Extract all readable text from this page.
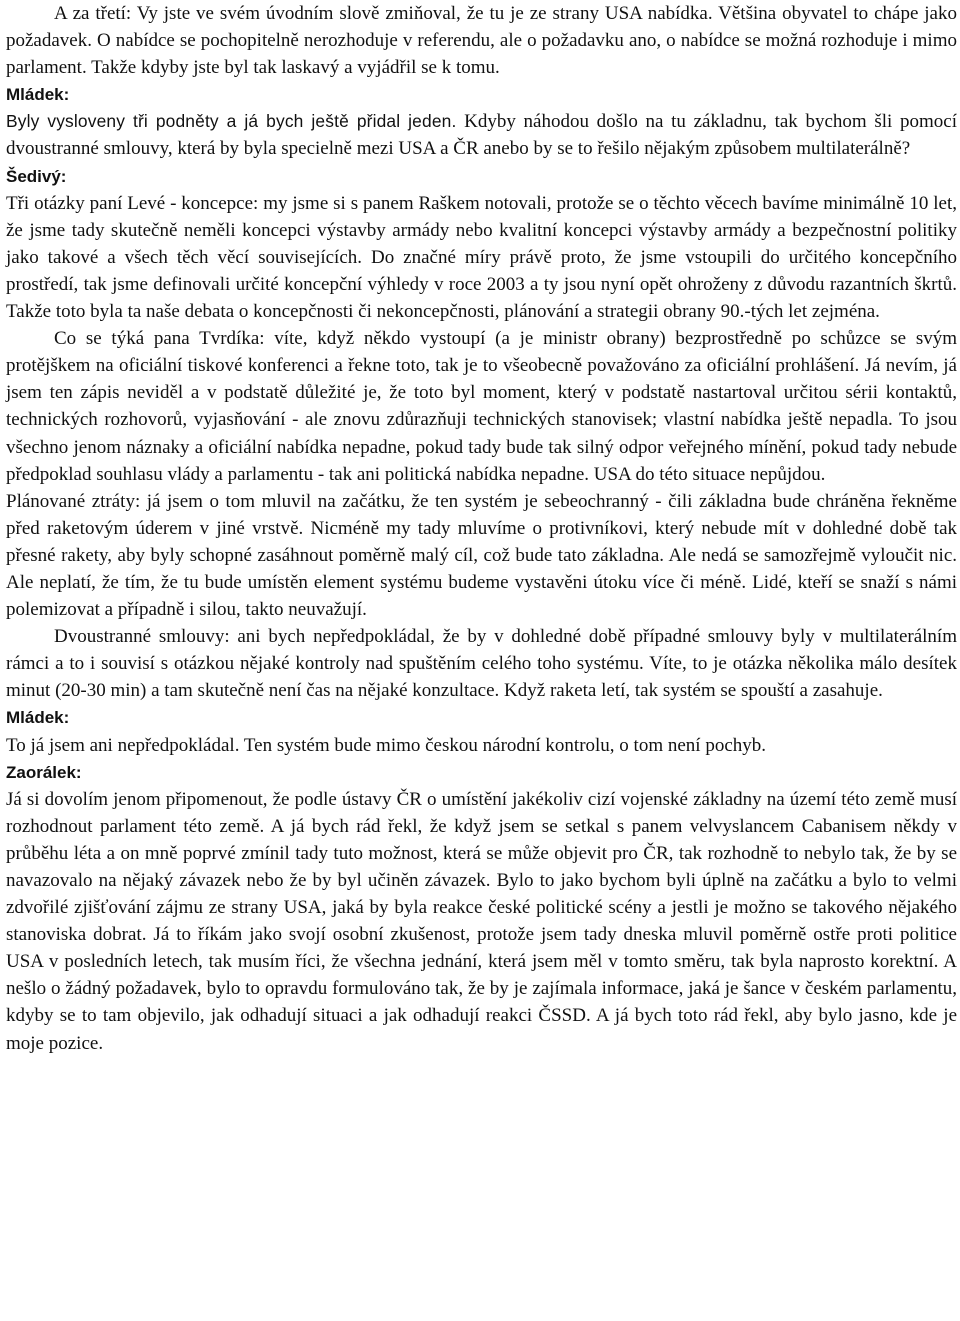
A za třetí: Vy jste ve svém úvodním slově zmiňoval, že tu je ze strany USA nabídka. Většina obyvatel to chápe jako požadavek. O nabídce se pochopitelně nerozhoduje v referendu, ale o požadavku ano, o nabídce se možná rozhoduje i mimo parlament. Takže kdyby jste byl tak laskavý a vyjádřil se k tomu.

Mládek:

Byly vysloveny tři podněty a já bych ještě přidal jeden. Kdyby náhodou došlo na tu základnu, tak bychom šli pomocí dvoustranné smlouvy, která by byla specielně mezi USA a ČR anebo by se to řešilo nějakým způsobem multilaterálně?

Šedivý:

Tři otázky paní Levé - koncepce: my jsme si s panem Raškem notovali, protože se o těchto věcech bavíme minimálně 10 let, že jsme tady skutečně neměli koncepci výstavby armády nebo kvalitní koncepci výstavby armády a bezpečnostní politiky jako takové a všech těch věcí souvisejících. Do značné míry právě proto, že jsme vstoupili do určitého koncepčního prostředí, tak jsme definovali určité koncepční výhledy v roce 2003 a ty jsou nyní opět ohroženy z důvodu razantních škrtů. Takže toto byla ta naše debata o koncepčnosti či nekoncepčnosti, plánování a strategii obrany 90.-tých let zejména.

Co se týká pana Tvrdíka: víte, když někdo vystoupí (a je ministr obrany) bezprostředně po schůzce se svým protějškem na oficiální tiskové konferenci a řekne toto, tak je to všeobecně považováno za oficiální prohlášení. Já nevím, já jsem ten zápis neviděl a v podstatě důležité je, že toto byl moment, který v podstatě nastartoval určitou sérii kontaktů, technických rozhovorů, vyjasňování - ale znovu zdůrazňuji technických stanovisek; vlastní nabídka ještě nepadla. To jsou všechno jenom náznaky a oficiální nabídka nepadne, pokud tady bude tak silný odpor veřejného mínění, pokud tady nebude předpoklad souhlasu vlády a parlamentu - tak ani politická nabídka nepadne. USA do této situace nepůjdou.

Plánované ztráty: já jsem o tom mluvil na začátku, že ten systém je sebeochranný - čili základna bude chráněna řekněme před raketovým úderem v jiné vrstvě. Nicméně my tady mluvíme o protivníkovi, který nebude mít v dohledné době tak přesné rakety, aby byly schopné zasáhnout poměrně malý cíl, což bude tato základna. Ale nedá se samozřejmě vyloučit nic. Ale neplatí, že tím, že tu bude umístěn element systému budeme vystavěni útoku více či méně. Lidé, kteří se snaží s námi polemizovat a případně i silou, takto neuvažují.

Dvoustranné smlouvy: ani bych nepředpokládal, že by v dohledné době případné smlouvy byly v multilaterálním rámci a to i souvisí s otázkou nějaké kontroly nad spuštěním celého toho systému. Víte, to je otázka několika málo desítek minut (20-30 min) a tam skutečně není čas na nějaké konzultace. Když raketa letí, tak systém se spouští a zasahuje.

Mládek:

To já jsem ani nepředpokládal. Ten systém bude mimo českou národní kontrolu, o tom není pochyb.

Zaorálek:

Já si dovolím jenom připomenout, že podle ústavy ČR o umístění jakékoliv cizí vojenské základny na území této země musí rozhodnout parlament této země. A já bych rád řekl, že když jsem se setkal s panem velvyslancem Cabanisem někdy v průběhu léta a on mně poprvé zmínil tady tuto možnost, která se může objevit pro ČR, tak rozhodně to nebylo tak, že by se navazovalo na nějaký závazek nebo že by byl učiněn závazek. Bylo to jako bychom byli úplně na začátku a bylo to velmi zdvořilé zjišťování zájmu ze strany USA, jaká by byla reakce české politické scény a jestli je možno se takového nějakého stanoviska dobrat. Já to říkám jako svojí osobní zkušenost, protože jsem tady dneska mluvil poměrně ostře proti politice USA v posledních letech, tak musím říci, že všechna jednání, která jsem měl v tomto směru, tak byla naprosto korektní. A nešlo o žádný požadavek, bylo to opravdu formulováno tak, že by je zajímala informace, jaká je šance v českém parlamentu, kdyby se to tam objevilo, jak odhadují situaci a jak odhadují reakci ČSSD. A já bych toto rád řekl, aby bylo jasno, kde je moje pozice.
